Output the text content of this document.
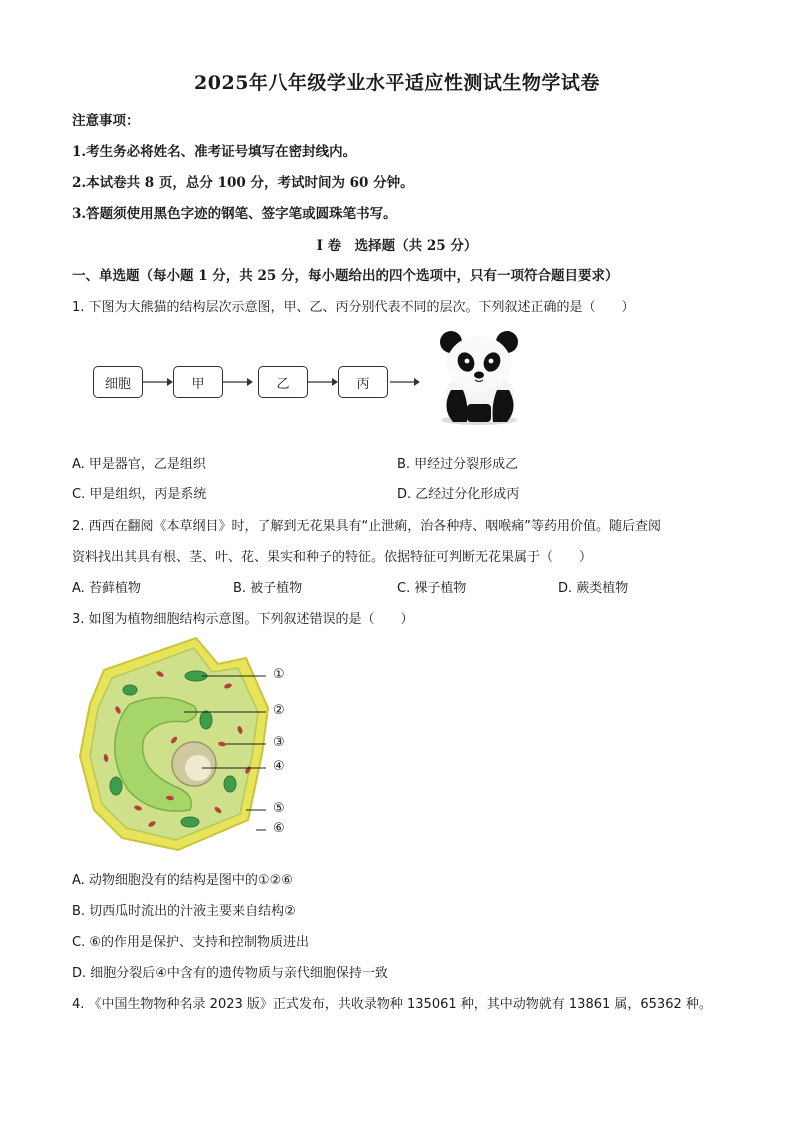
2025年八年级学业水平适应性测试生物学试卷
注意事项：
1.考生务必将姓名、准考证号填写在密封线内。
2.本试卷共 8 页，总分 100 分，考试时间为 60 分钟。
3.答题须使用黑色字迹的钢笔、签字笔或圆珠笔书写。
I 卷　选择题（共 25 分）
一、单选题（每小题 1 分，共 25 分，每小题给出的四个选项中，只有一项符合题目要求）
1. 下图为大熊猫的结构层次示意图，甲、乙、丙分别代表不同的层次。下列叙述正确的是（　　）
细胞	甲	乙	丙
A. 甲是器官，乙是组织	B. 甲经过分裂形成乙
C. 甲是组织，丙是系统	D. 乙经过分化形成丙
2. 西西在翻阅《本草纲目》时，了解到无花果具有“止泄痢，治各种痔、咽喉痛”等药用价值。随后查阅
资料找出其具有根、茎、叶、花、果实和种子的特征。依据特征可判断无花果属于（　　）
A. 苔藓植物	B. 被子植物	C. 裸子植物	D. 蕨类植物
3. 如图为植物细胞结构示意图。下列叙述错误的是（　　）
①
②
③
④
⑤
⑥
A. 动物细胞没有的结构是图中的①②⑥
B. 切西瓜时流出的汁液主要来自结构②
C. ⑥的作用是保护、支持和控制物质进出
D. 细胞分裂后④中含有的遗传物质与亲代细胞保持一致
4. 《中国生物物种名录 2023 版》正式发布，共收录物种 135061 种，其中动物就有 13861 属，65362 种。
